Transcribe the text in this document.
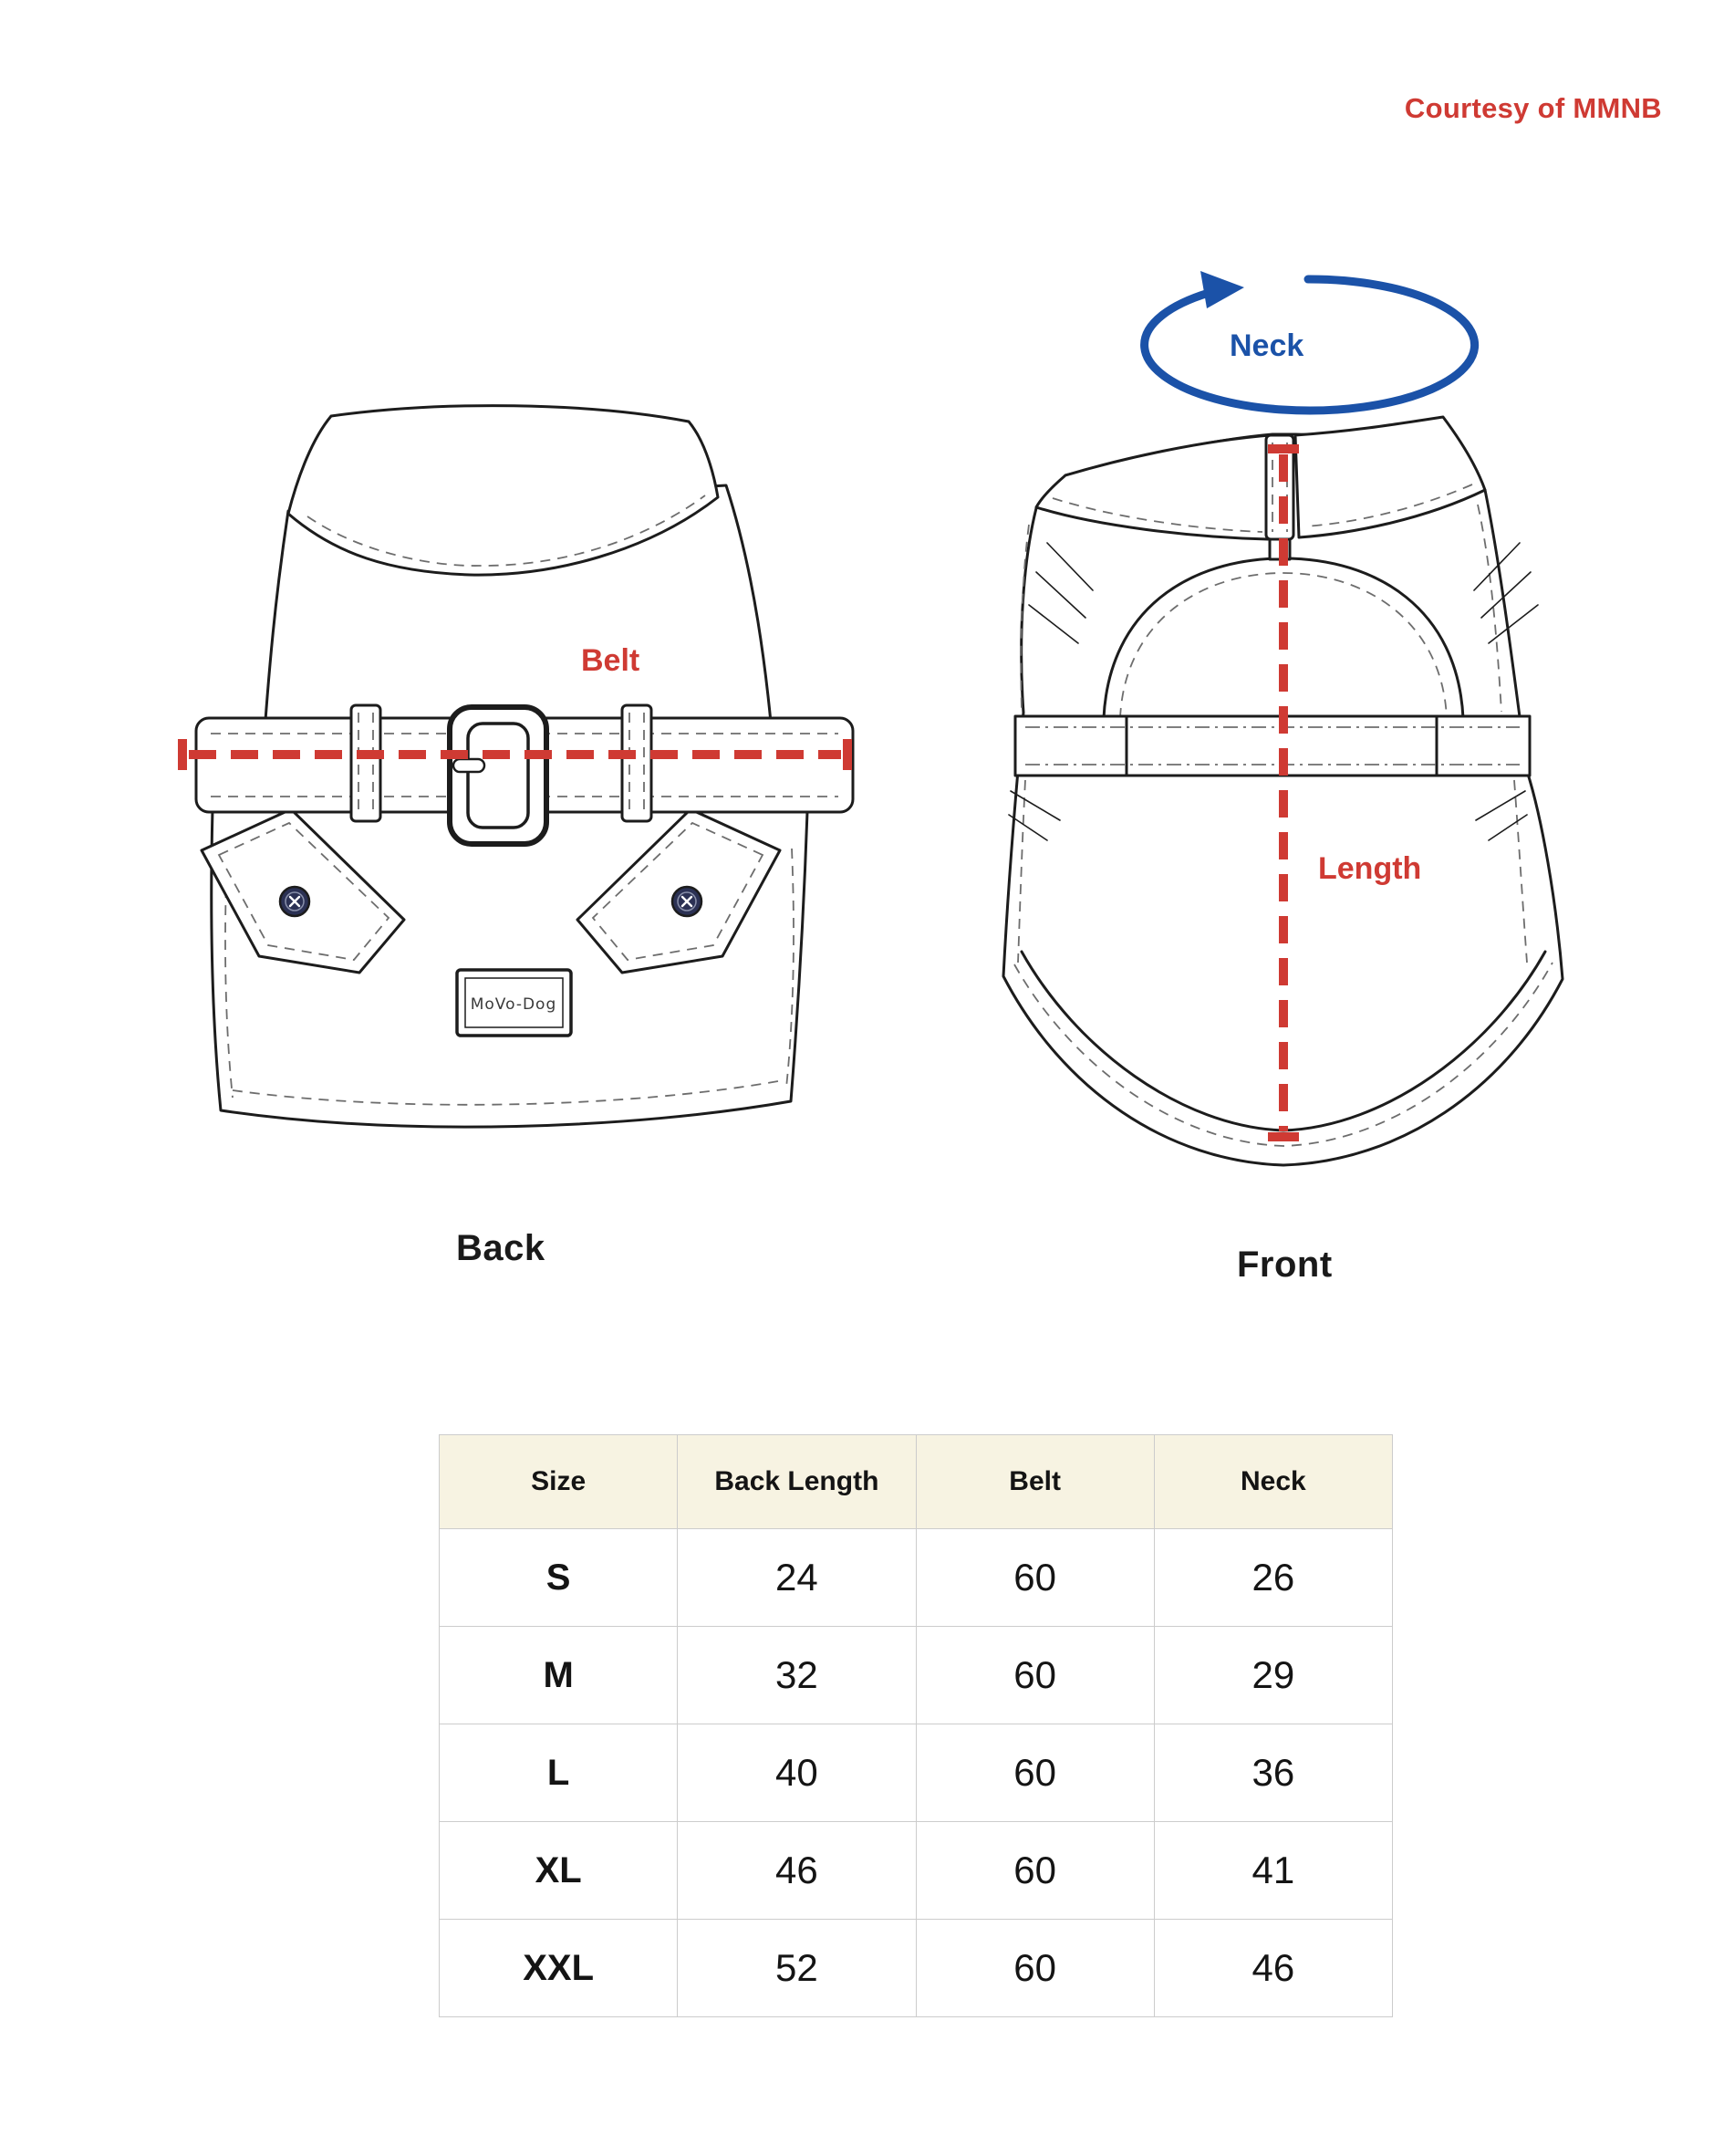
Courtesy of MMNB
MoVo-Dog
Belt
Neck
Length
Back	Front
Size	Back Length	Belt	Neck
S	24	60	26
M	32	60	29
L	40	60	36
XL	46	60	41
XXL	52	60	46
